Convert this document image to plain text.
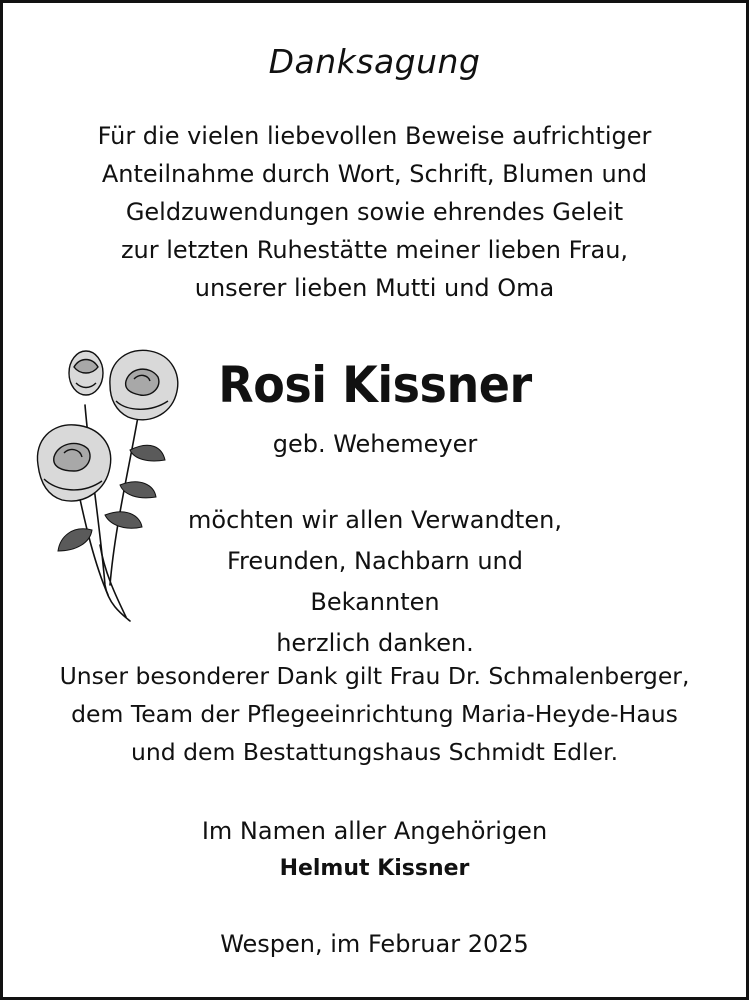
Danksagung
Für die vielen liebevollen Beweise aufrichtiger
Anteilnahme durch Wort, Schrift, Blumen und
Geldzuwendungen sowie ehrendes Geleit
zur letzten Ruhestätte meiner lieben Frau,
unserer lieben Mutti und Oma
Rosi Kissner
geb. Wehemeyer
möchten wir allen Verwandten,
Freunden, Nachbarn und Bekannten
herzlich danken.
Unser besonderer Dank gilt Frau Dr. Schmalenberger,
dem Team der Pflegeeinrichtung Maria-Heyde-Haus
und dem Bestattungshaus Schmidt Edler.
Im Namen aller Angehörigen
Helmut Kissner
Wespen, im Februar 2025
